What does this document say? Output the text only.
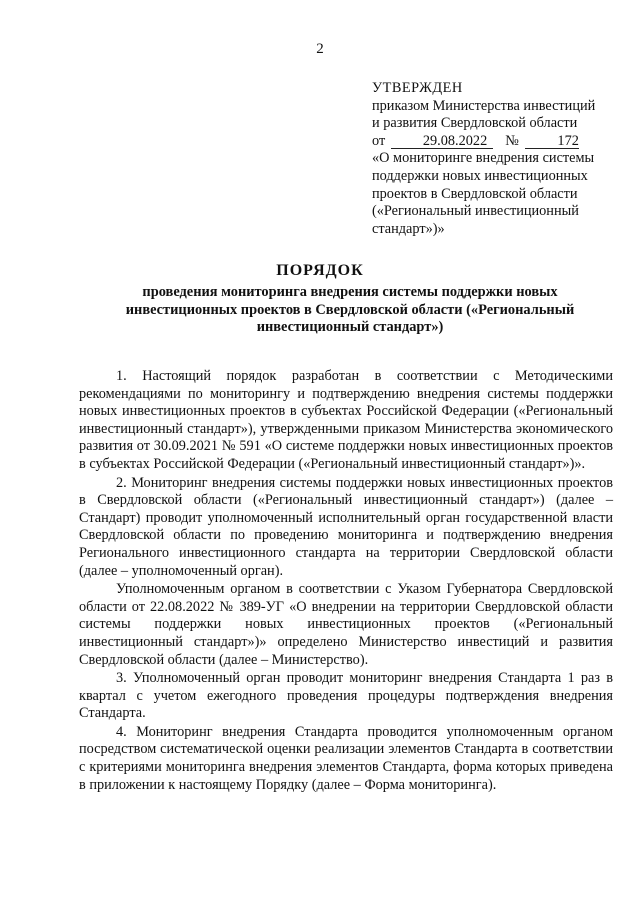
2
УТВЕРЖДЕН
приказом Министерства инвестиций
и развития Свердловской области
от	29.08.2022 №	172
«О мониторинге внедрения системы
поддержки новых инвестиционных
проектов в Свердловской области
(«Региональный инвестиционный
стандарт»)»
ПОРЯДОК
проведения мониторинга внедрения системы поддержки новых инвестиционных проектов в Свердловской области («Региональный инвестиционный стандарт»)

1. Настоящий порядок разработан в соответствии с Методическими рекомендациями по мониторингу и подтверждению внедрения системы поддержки новых инвестиционных проектов в субъектах Российской Федерации («Региональный инвестиционный стандарт»), утвержденными приказом Министерства экономического развития от 30.09.2021 № 591 «О системе поддержки новых инвестиционных проектов в субъектах Российской Федерации («Региональный инвестиционный стандарт»)».

2. Мониторинг внедрения системы поддержки новых инвестиционных проектов в Свердловской области («Региональный инвестиционный стандарт») (далее – Стандарт) проводит уполномоченный исполнительный орган государственной власти Свердловской области по проведению мониторинга и подтверждению внедрения Регионального инвестиционного стандарта на территории Свердловской области (далее – уполномоченный орган).

Уполномоченным органом в соответствии с Указом Губернатора Свердловской области от 22.08.2022 № 389-УГ «О внедрении на территории Свердловской области системы поддержки новых инвестиционных проектов («Региональный инвестиционный стандарт»)» определено Министерство инвестиций и развития Свердловской области (далее – Министерство).

3. Уполномоченный орган проводит мониторинг внедрения Стандарта 1 раз в квартал с учетом ежегодного проведения процедуры подтверждения внедрения Стандарта.

4. Мониторинг внедрения Стандарта проводится уполномоченным органом посредством систематической оценки реализации элементов Стандарта в соответствии с критериями мониторинга внедрения элементов Стандарта, форма которых приведена в приложении к настоящему Порядку (далее – Форма мониторинга).
